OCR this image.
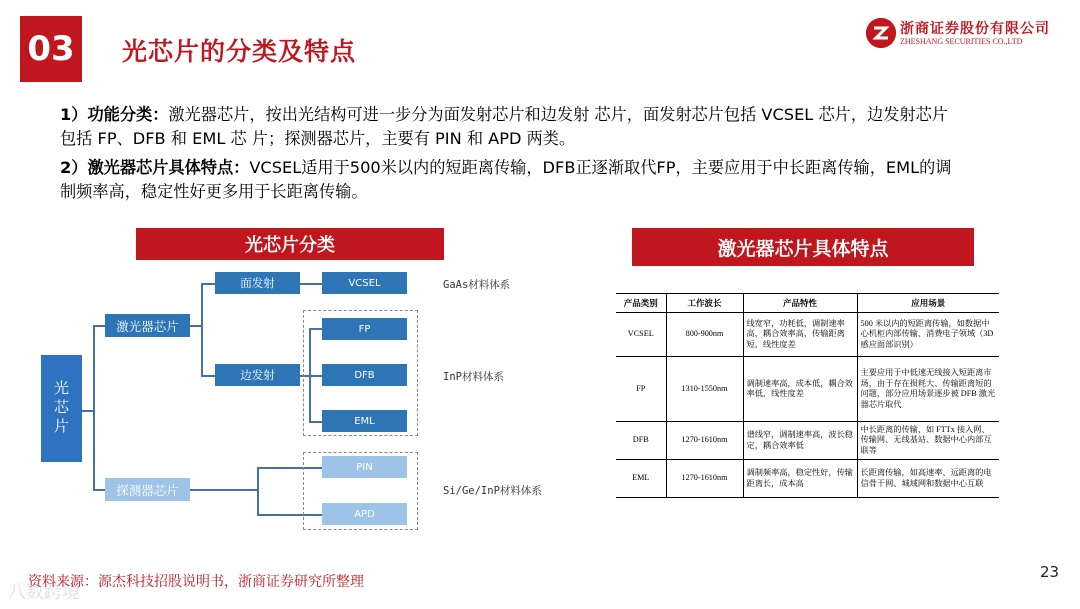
03 光芯片的分类及特点
浙商证券股份有限公司
ZHESHANG SECURITIES CO.,LTD
1）功能分类：激光器芯片，按出光结构可进一步分为面发射芯片和边发射 芯片，面发射芯片包括 VCSEL 芯片，边发射芯片
包括 FP、DFB 和 EML 芯 片；探测器芯片，主要有 PIN 和 APD 两类。
2）激光器芯片具体特点：VCSEL适用于500米以内的短距离传输，DFB正逐渐取代FP，主要应用于中长距离传输，EML的调
制频率高，稳定性好更多用于长距离传输。
光芯片分类
光芯片
激光器芯片
探测器芯片
面发射
边发射
VCSEL
FP
DFB
EML
PIN
APD
GaAs材料体系
InP材料体系
Si/Ge/InP材料体系
激光器芯片具体特点
产品类别	工作波长	产品特性	应用场景
VCSEL	800-900nm	线宽窄，功耗低，调制速率高，耦合效率高，传输距离短，线性度差	500 米以内的短距离传输，如数据中心机柜内部传输、消费电子领域（3D 感应面部识别）
FP	1310-1550nm	调制速率高，成本低，耦合效率低，线性度差	主要应用于中低速无线接入短距离市场，由于存在损耗大、传输距离短的问题，部分应用场景逐步被 DFB 激光器芯片取代
DFB	1270-1610nm	谱线窄，调制速率高，波长稳定，耦合效率低	中长距离的传输，如 FTTx 接入网、传输网、无线基站、数据中心内部互联等
EML	1270-1610nm	调制频率高，稳定性好，传输距离长，成本高	长距离传输，如高速率、远距离的电信骨干网、城域网和数据中心互联
八数跨境
资料来源：源杰科技招股说明书，浙商证券研究所整理
23
